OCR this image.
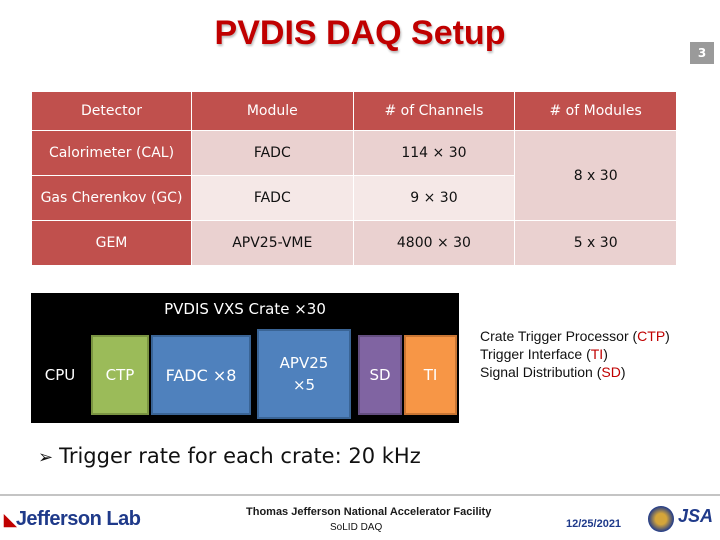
PVDIS DAQ Setup
3
Detector	Module	# of Channels	# of Modules
Calorimeter (CAL)	FADC	114 × 30	8 x 30
Gas Cherenkov (GC)	FADC	9 × 30	
GEM	APV25-VME	4800 × 30	5 x 30
PVDIS VXS Crate ×30
CPU	CTP	FADC ×8
APV25
×5
SD	TI
Crate Trigger Processor (CTP)
Trigger Interface (TI)
Signal Distribution (SD)
➢ Trigger rate for each crate: 20 kHz
◣Jefferson Lab	Thomas Jefferson National Accelerator Facility
SoLID DAQ	12/25/2021	JSA
